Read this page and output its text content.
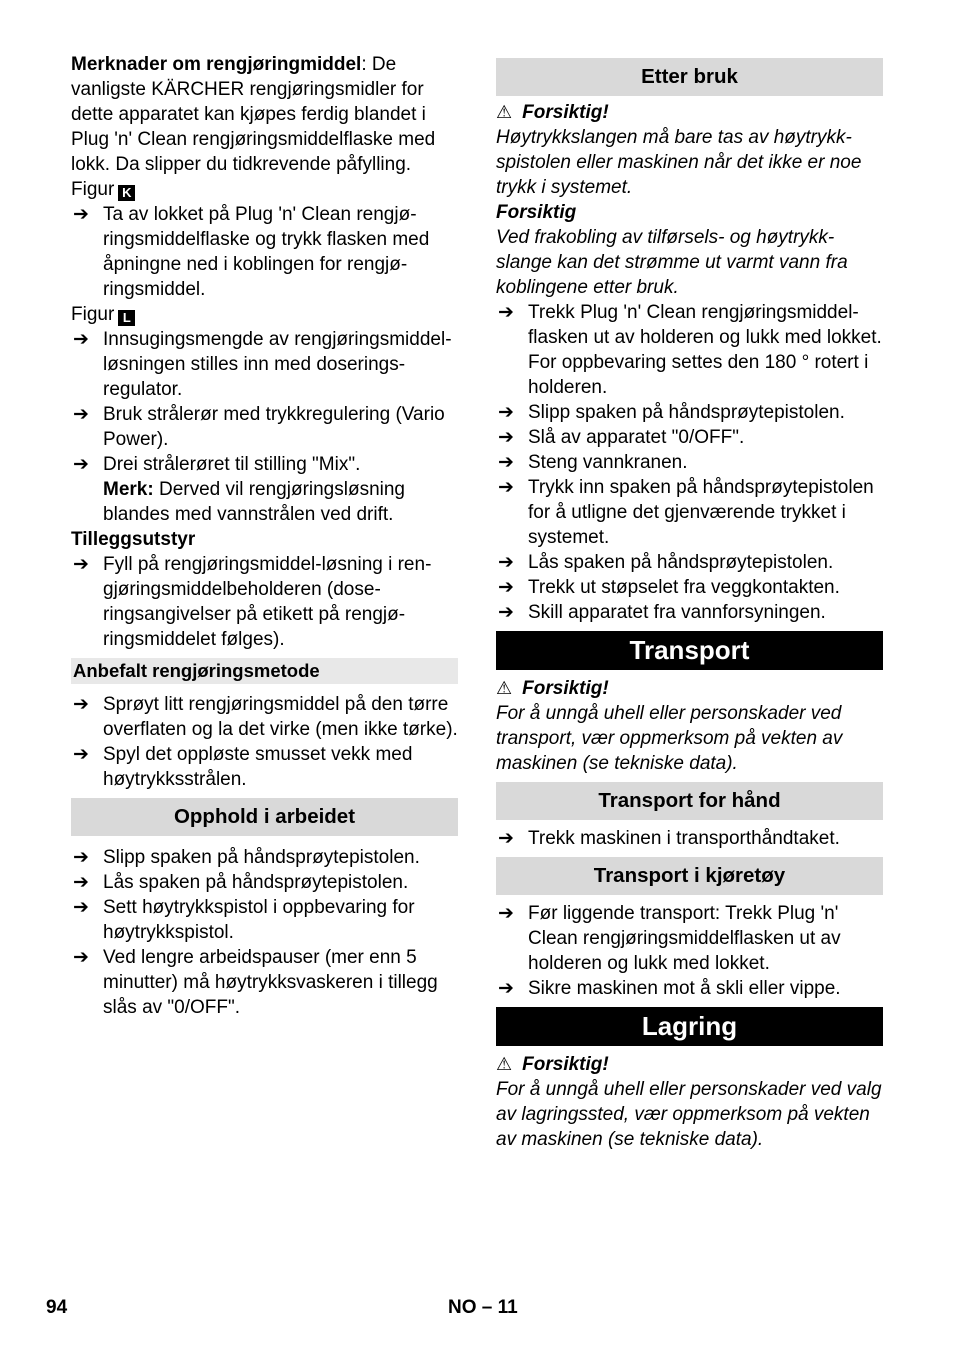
Merknader om rengjøringmiddel: De vanligste KÄRCHER rengjøringsmidler for dette apparatet kan kjøpes ferdig blandet i Plug 'n' Clean rengjøringsmiddelflaske med lokk. Da slipper du tidkrevende påfylling.

Figur K

➔ Ta av lokket på Plug 'n' Clean rengjøringsmiddelflaske og trykk flasken med åpningne ned i koblingen for rengjøringsmiddel.

Figur L

➔ Innsugingsmengde av rengjøringsmiddel-løsningen stilles inn med doseringsregulator.
➔ Bruk strålerør med trykkregulering (Vario Power).
➔ Drei strålerøret til stilling "Mix".
Merk: Derved vil rengjøringsløsning blandes med vannstrålen ved drift.

Tilleggsutstyr

➔ Fyll på rengjøringsmiddel-løsning i rengjøringsmiddelbeholderen (doseringsangivelser på etikett på rengjøringsmiddelet følges).
Anbefalt rengjøringsmetode
➔ Sprøyt litt rengjøringsmiddel på den tørre overflaten og la det virke (men ikke tørke).
➔ Spyl det oppløste smusset vekk med høytrykksstrålen.
Opphold i arbeidet
➔ Slipp spaken på håndsprøytepistolen.
➔ Lås spaken på håndsprøytepistolen.
➔ Sett høytrykkspistol i oppbevaring for høytrykkspistol.
➔ Ved lengre arbeidspauser (mer enn 5 minutter) må høytrykksvaskeren i tillegg slås av "0/OFF".
Etter bruk

⚠ Forsiktig!

Høytrykkslangen må bare tas av høytrykkspistolen eller maskinen når det ikke er noe trykk i systemet.

Forsiktig

Ved frakobling av tilførsels- og høytrykkslange kan det strømme ut varmt vann fra koblingene etter bruk.

➔ Trekk Plug 'n' Clean rengjøringsmiddelflasken ut av holderen og lukk med lokket. For oppbevaring settes den 180 ° rotert i holderen.
➔ Slipp spaken på håndsprøytepistolen.
➔ Slå av apparatet "0/OFF".
➔ Steng vannkranen.
➔ Trykk inn spaken på håndsprøytepistolen for å utligne det gjenværende trykket i systemet.
➔ Lås spaken på håndsprøytepistolen.
➔ Trekk ut støpselet fra veggkontakten.
➔ Skill apparatet fra vannforsyningen.
Transport

⚠ Forsiktig!

For å unngå uhell eller personskader ved transport, vær oppmerksom på vekten av maskinen (se tekniske data).

Transport for hånd
➔ Trekk maskinen i transporthåndtaket.
Transport i kjøretøy
➔ Før liggende transport: Trekk Plug 'n' Clean rengjøringsmiddelflasken ut av holderen og lukk med lokket.
➔ Sikre maskinen mot å skli eller vippe.
Lagring

⚠ Forsiktig!

For å unngå uhell eller personskader ved valg av lagringssted, vær oppmerksom på vekten av maskinen (se tekniske data).

94	NO – 11
